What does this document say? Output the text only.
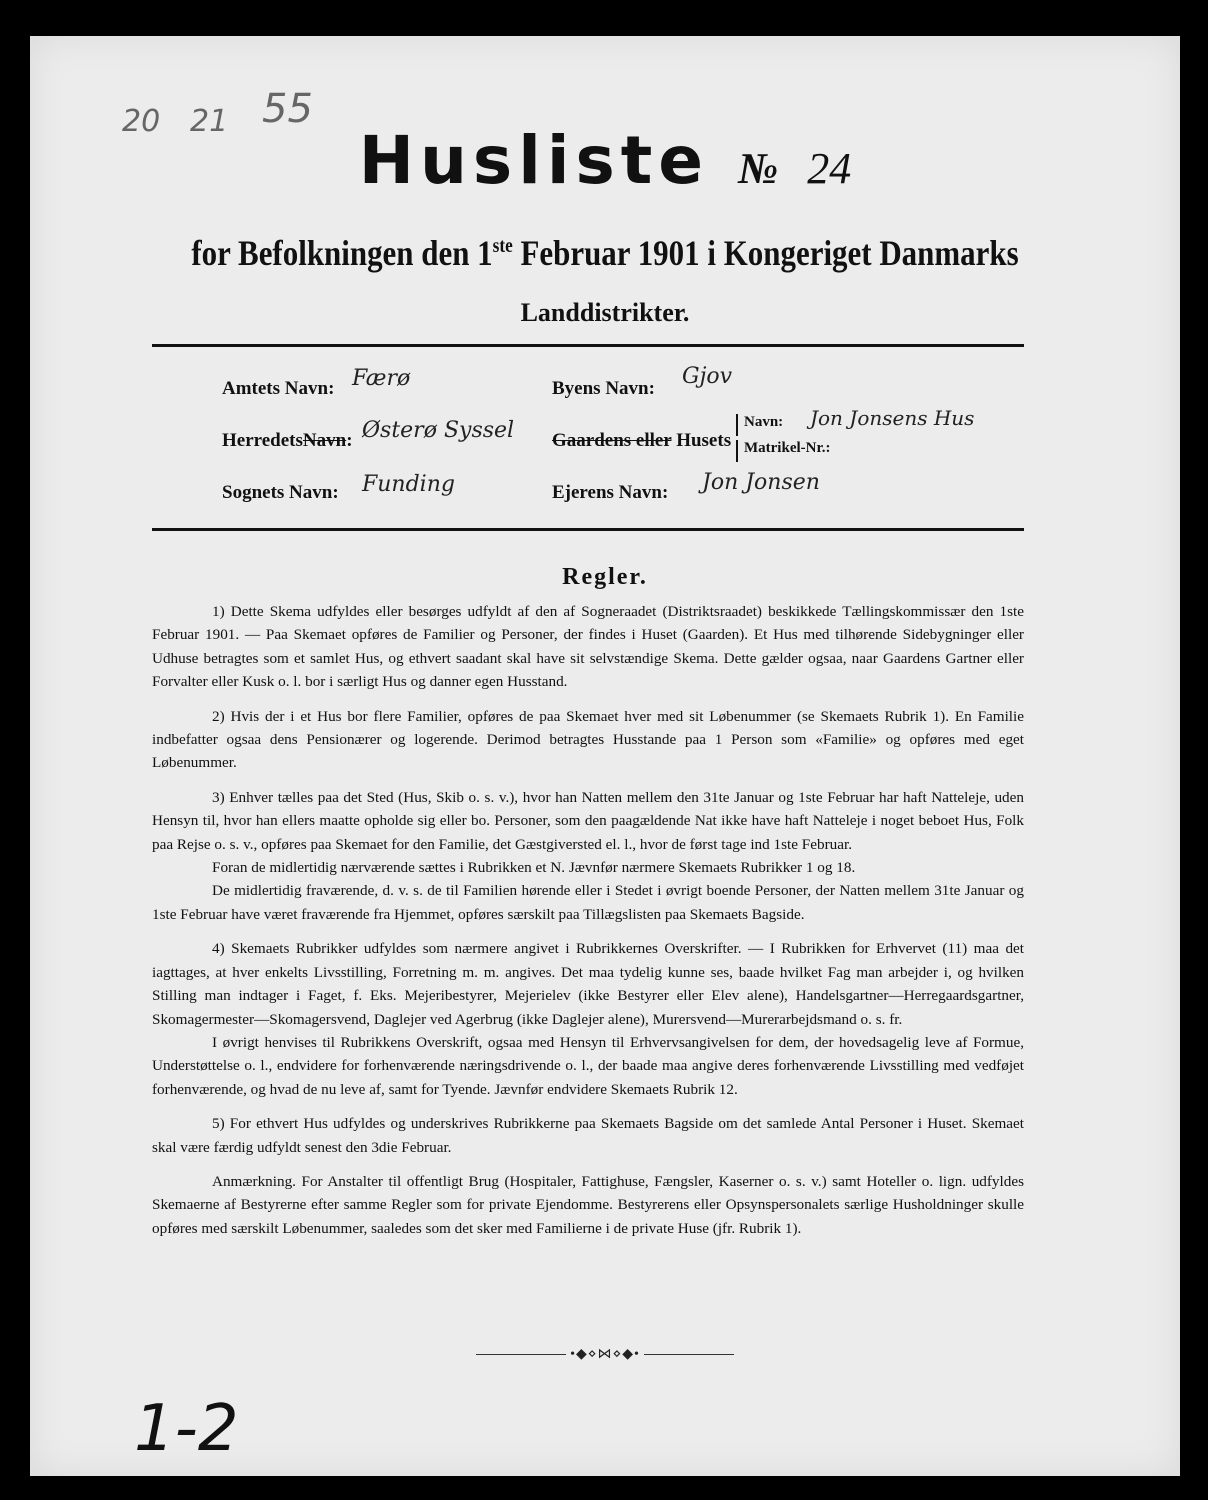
20 21 55
Husliste № 24
for Befolkningen den 1ste Februar 1901 i Kongeriget Danmarks
Landdistrikter.
Amtets Navn: Færø	Byens Navn: Gjov
HerredetsNavn: Østerø Syssel Gaardens eller Husets
Navn: Jon Jonsens Hus
Matrikel-Nr.:
Sognets Navn: Funding	Ejerens Navn: Jon Jonsen
Regler.

1) Dette Skema udfyldes eller besørges udfyldt af den af Sogneraadet (Distriktsraadet) beskikkede Tællingskommissær den 1ste Februar 1901. — Paa Skemaet opføres de Familier og Personer, der findes i Huset (Gaarden). Et Hus med tilhørende Sidebygninger eller Udhuse betragtes som et samlet Hus, og ethvert saadant skal have sit selvstændige Skema. Dette gælder ogsaa, naar Gaardens Gartner eller Forvalter eller Kusk o. l. bor i særligt Hus og danner egen Husstand.

2) Hvis der i et Hus bor flere Familier, opføres de paa Skemaet hver med sit Løbenummer (se Skemaets Rubrik 1). En Familie indbefatter ogsaa dens Pensionærer og logerende. Derimod betragtes Husstande paa 1 Person som «Familie» og opføres med eget Løbenummer.

3) Enhver tælles paa det Sted (Hus, Skib o. s. v.), hvor han Natten mellem den 31te Januar og 1ste Februar har haft Natteleje, uden Hensyn til, hvor han ellers maatte opholde sig eller bo. Personer, som den paagældende Nat ikke have haft Natteleje i noget beboet Hus, Folk paa Rejse o. s. v., opføres paa Skemaet for den Familie, det Gæstgiversted el. l., hvor de først tage ind 1ste Februar.

Foran de midlertidig nærværende sættes i Rubrikken et N. Jævnfør nærmere Skemaets Rubrikker 1 og 18.

De midlertidig fraværende, d. v. s. de til Familien hørende eller i Stedet i øvrigt boende Personer, der Natten mellem 31te Januar og 1ste Februar have været fraværende fra Hjemmet, opføres særskilt paa Tillægslisten paa Skemaets Bagside.

4) Skemaets Rubrikker udfyldes som nærmere angivet i Rubrikkernes Overskrifter. — I Rubrikken for Erhvervet (11) maa det iagttages, at hver enkelts Livsstilling, Forretning m. m. angives. Det maa tydelig kunne ses, baade hvilket Fag man arbejder i, og hvilken Stilling man indtager i Faget, f. Eks. Mejeribestyrer, Mejerielev (ikke Bestyrer eller Elev alene), Handelsgartner—Herregaardsgartner, Skomagermester—Skomagersvend, Daglejer ved Agerbrug (ikke Daglejer alene), Murersvend—Murerarbejdsmand o. s. fr.

I øvrigt henvises til Rubrikkens Overskrift, ogsaa med Hensyn til Erhvervsangivelsen for dem, der hovedsagelig leve af Formue, Understøttelse o. l., endvidere for forhenværende næringsdrivende o. l., der baade maa angive deres forhenværende Livsstilling med vedføjet forhenværende, og hvad de nu leve af, samt for Tyende. Jævnfør endvidere Skemaets Rubrik 12.

5) For ethvert Hus udfyldes og underskrives Rubrikkerne paa Skemaets Bagside om det samlede Antal Personer i Huset. Skemaet skal være færdig udfyldt senest den 3die Februar.

Anmærkning. For Anstalter til offentligt Brug (Hospitaler, Fattighuse, Fængsler, Kaserner o. s. v.) samt Hoteller o. lign. udfyldes Skemaerne af Bestyrerne efter samme Regler som for private Ejendomme. Bestyrerens eller Opsynspersonalets særlige Husholdninger skulle opføres med særskilt Løbenummer, saaledes som det sker med Familierne i de private Huse (jfr. Rubrik 1).

•◆⋄⋈⋄◆•
1-2
